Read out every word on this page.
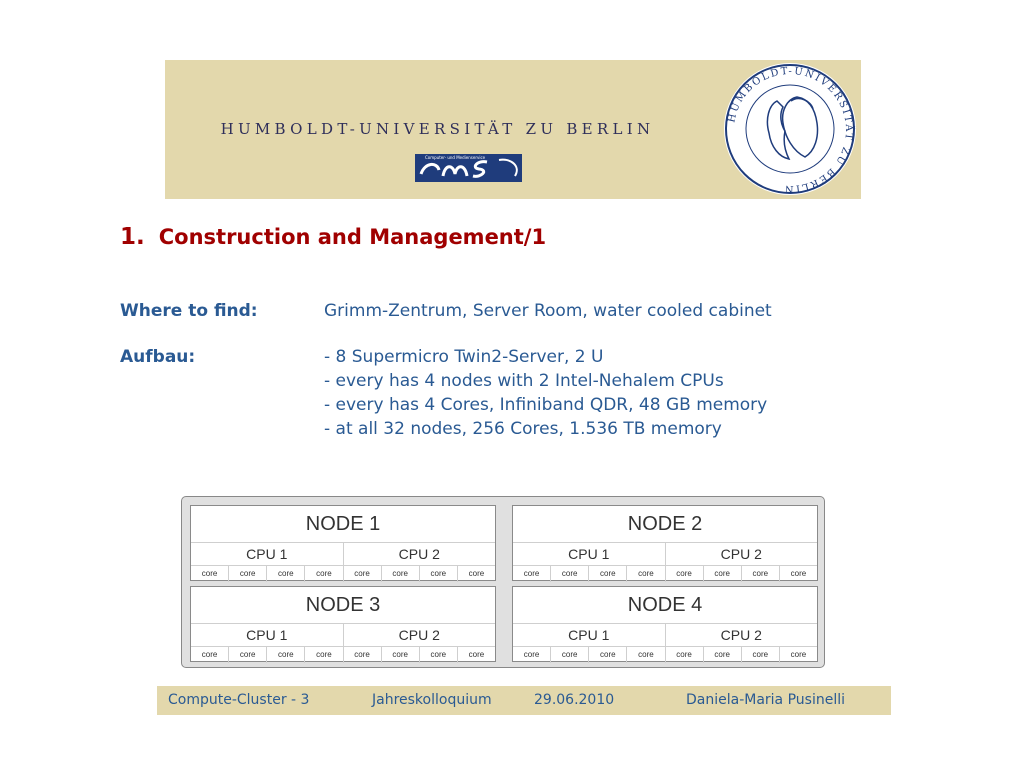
HUMBOLDT-UNIVERSITÄT ZU BERLIN
Computer- und Medienservice
HUMBOLDT-UNIVERSITÄT ZU BERLIN
1. Construction and Management/1
Where to find:	Grimm-Zentrum, Server Room, water cooled cabinet
Aufbau:	- 8 Supermicro Twin2-Server, 2 U
- every has 4 nodes with 2 Intel-Nehalem CPUs
- every has 4 Cores, Infiniband QDR, 48 GB memory
- at all 32 nodes, 256 Cores, 1.536 TB memory
NODE 1
CPU 1	CPU 2
core	core	core	core	core	core	core	core
NODE 2
CPU 1	CPU 2
core	core	core	core	core	core	core	core
NODE 3
CPU 1	CPU 2
core	core	core	core	core	core	core	core
NODE 4
CPU 1	CPU 2
core	core	core	core	core	core	core	core
Compute-Cluster - 3	Jahreskolloquium	29.06.2010	Daniela-Maria Pusinelli
